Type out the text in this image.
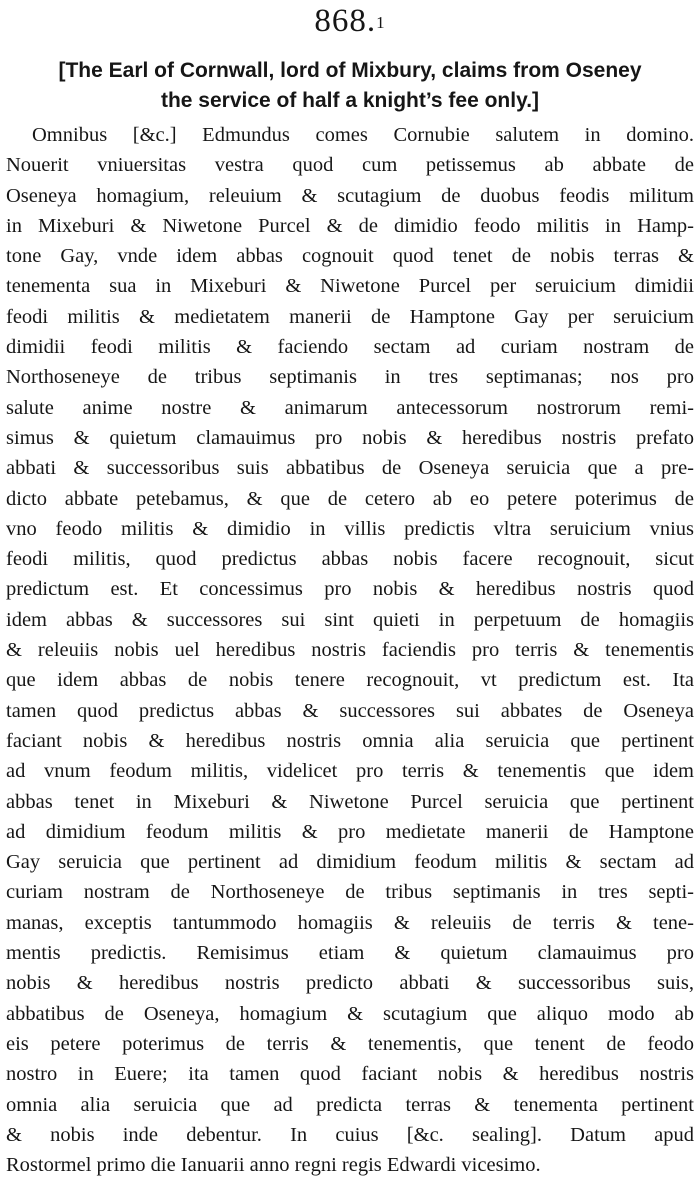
868.$^1$
[The Earl of Cornwall, lord of Mixbury, claims from Oseney
the service of half a knight’s fee only.]
Omnibus [&c.] Edmundus comes Cornubie salutem in domino.
Nouerit vniuersitas vestra quod cum petissemus ab abbate de
Oseneya homagium, releuium & scutagium de duobus feodis militum
in Mixeburi & Niwetone Purcel & de dimidio feodo militis in Hamp-
tone Gay, vnde idem abbas cognouit quod tenet de nobis terras &
tenementa sua in Mixeburi & Niwetone Purcel per seruicium dimidii
feodi militis & medietatem manerii de Hamptone Gay per seruicium
dimidii feodi militis & faciendo sectam ad curiam nostram de
Northoseneye de tribus septimanis in tres septimanas; nos pro
salute anime nostre & animarum antecessorum nostrorum remi-
simus & quietum clamauimus pro nobis & heredibus nostris prefato
abbati & successoribus suis abbatibus de Oseneya seruicia que a pre-
dicto abbate petebamus, & que de cetero ab eo petere poterimus de
vno feodo militis & dimidio in villis predictis vltra seruicium vnius
feodi militis, quod predictus abbas nobis facere recognouit, sicut
predictum est. Et concessimus pro nobis & heredibus nostris quod
idem abbas & successores sui sint quieti in perpetuum de homagiis
& releuiis nobis uel heredibus nostris faciendis pro terris & tenementis
que idem abbas de nobis tenere recognouit, vt predictum est. Ita
tamen quod predictus abbas & successores sui abbates de Oseneya
faciant nobis & heredibus nostris omnia alia seruicia que pertinent
ad vnum feodum militis, videlicet pro terris & tenementis que idem
abbas tenet in Mixeburi & Niwetone Purcel seruicia que pertinent
ad dimidium feodum militis & pro medietate manerii de Hamptone
Gay seruicia que pertinent ad dimidium feodum militis & sectam ad
curiam nostram de Northoseneye de tribus septimanis in tres septi-
manas, exceptis tantummodo homagiis & releuiis de terris & tene-
mentis predictis. Remisimus etiam & quietum clamauimus pro
nobis & heredibus nostris predicto abbati & successoribus suis,
abbatibus de Oseneya, homagium & scutagium que aliquo modo ab
eis petere poterimus de terris & tenementis, que tenent de feodo
nostro in Euere; ita tamen quod faciant nobis & heredibus nostris
omnia alia seruicia que ad predicta terras & tenementa pertinent
& nobis inde debentur. In cuius [&c. sealing]. Datum apud
Rostormel primo die Ianuarii anno regni regis Edwardi vicesimo.
